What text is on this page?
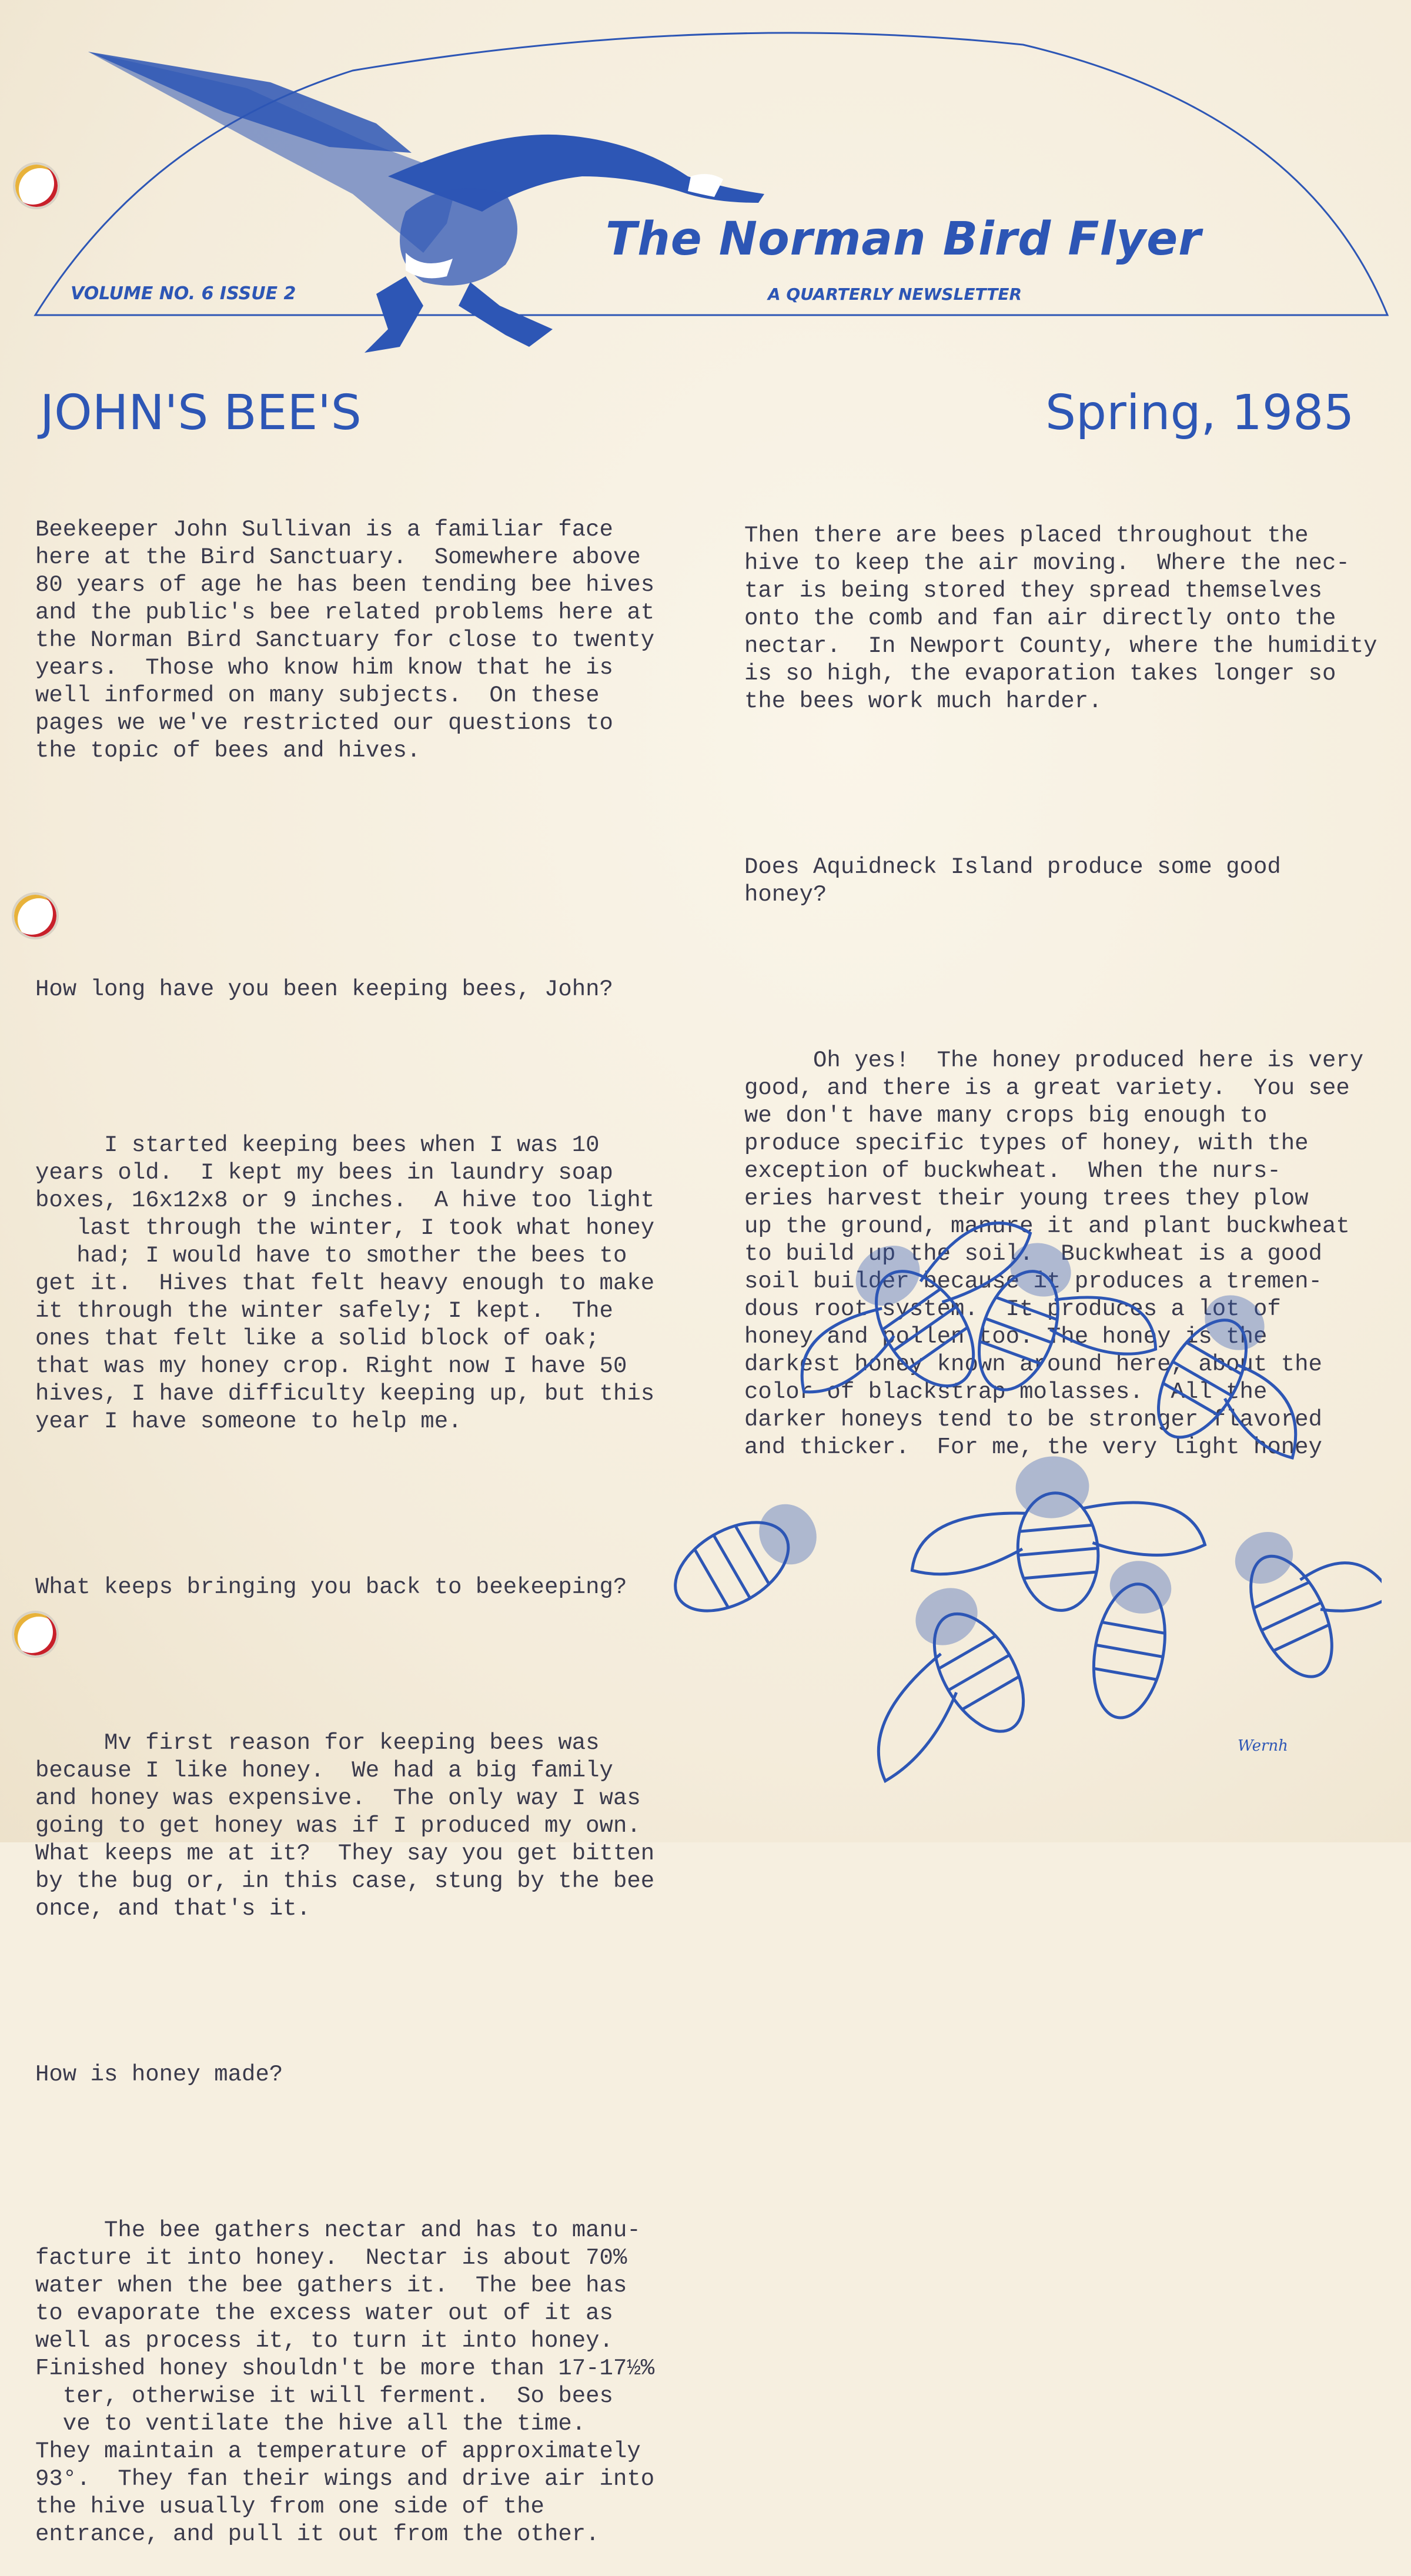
The Norman Bird Flyer
VOLUME NO. 6 ISSUE 2	A QUARTERLY NEWSLETTER
JOHN'S BEE'S	Spring, 1985

Beekeeper John Sullivan is a familiar face
here at the Bird Sanctuary.  Somewhere above
80 years of age he has been tending bee hives
and the public's bee related problems here at
the Norman Bird Sanctuary for close to twenty
years.  Those who know him know that he is
well informed on many subjects.  On these
pages we we've restricted our questions to
the topic of bees and hives.

How long have you been keeping bees, John?

I started keeping bees when I was 10
years old.  I kept my bees in laundry soap
boxes, 16x12x8 or 9 inches.  A hive too light
last through the winter, I took what honey
had; I would have to smother the bees to
get it.  Hives that felt heavy enough to make
it through the winter safely; I kept.  The
ones that felt like a solid block of oak;
that was my honey crop. Right now I have 50
hives, I have difficulty keeping up, but this
year I have someone to help me.

What keeps bringing you back to beekeeping?

Mv first reason for keeping bees was
because I like honey.  We had a big family
and honey was expensive.  The only way I was
going to get honey was if I produced my own.
What keeps me at it?  They say you get bitten
by the bug or, in this case, stung by the bee
once, and that's it.

How is honey made?

The bee gathers nectar and has to manu-
facture it into honey.  Nectar is about 70%
water when the bee gathers it.  The bee has
to evaporate the excess water out of it as
well as process it, to turn it into honey.
Finished honey shouldn't be more than 17-17½%
ter, otherwise it will ferment.  So bees
ve to ventilate the hive all the time.
They maintain a temperature of approximately
93°.  They fan their wings and drive air into
the hive usually from one side of the
entrance, and pull it out from the other.

Then there are bees placed throughout the
hive to keep the air moving.  Where the nec-
tar is being stored they spread themselves
onto the comb and fan air directly onto the
nectar.  In Newport County, where the humidity
is so high, the evaporation takes longer so
the bees work much harder.

Does Aquidneck Island produce some good
honey?

Oh yes!  The honey produced here is very
good, and there is a great variety.  You see
we don't have many crops big enough to
produce specific types of honey, with the
exception of buckwheat.  When the nurs-
eries harvest their young trees they plow
up the ground, manure it and plant buckwheat
to build up the soil.  Buckwheat is a good
soil builder because it produces a tremen-
dous root system.  It produces a lot of
honey and pollen too. The honey is the
darkest honey known around here, about the
color of blackstrap molasses.  All the
darker honeys tend to be stronger flavored
and thicker.  For me, the very light honey

Wernh
